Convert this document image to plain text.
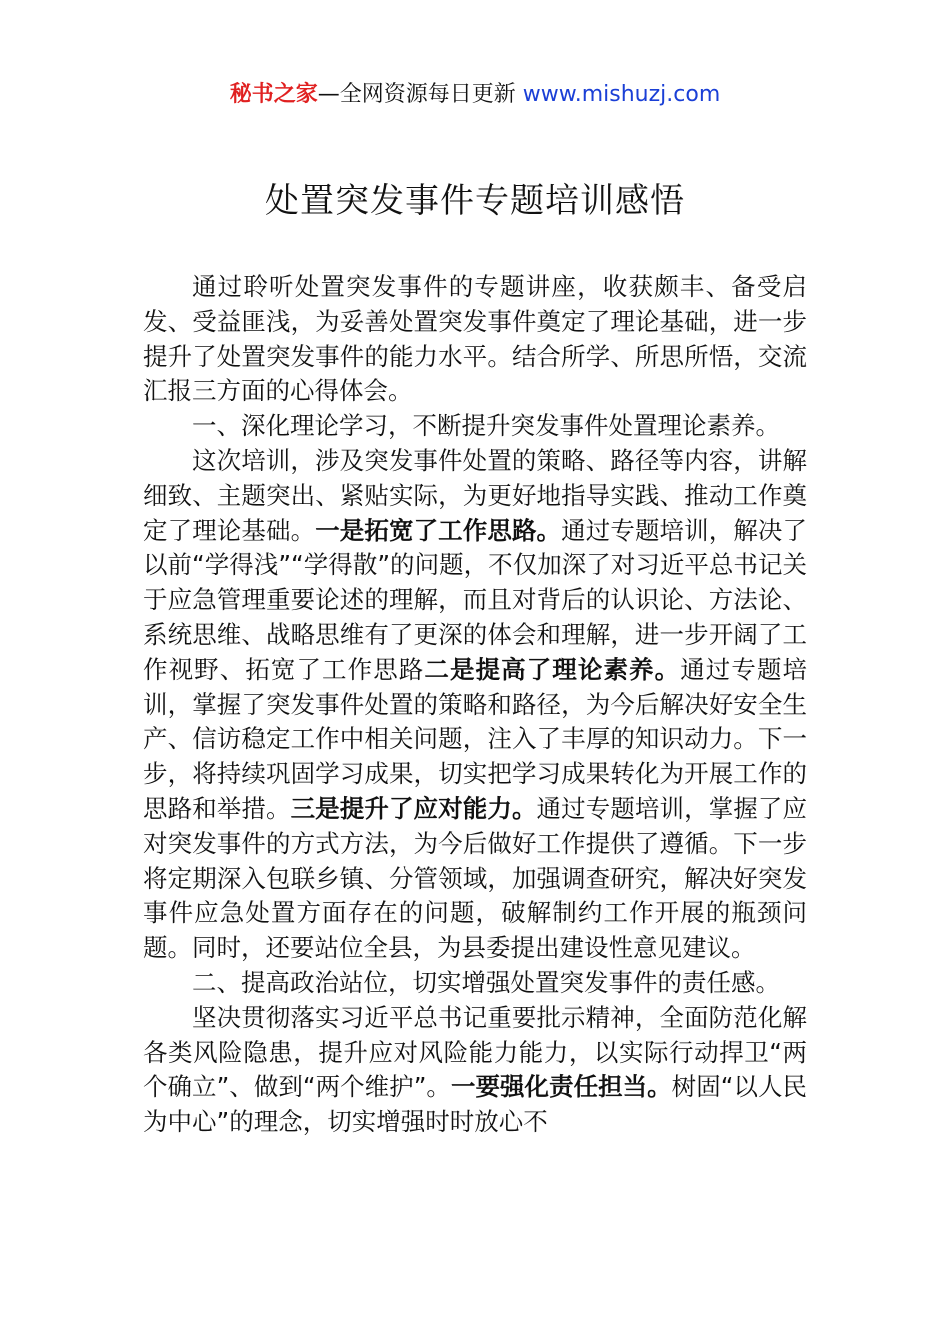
秘书之家—全网资源每日更新 www.mishuzj.com
处置突发事件专题培训感悟

通过聆听处置突发事件的专题讲座，收获颇丰、备受启发、受益匪浅，为妥善处置突发事件奠定了理论基础，进一步提升了处置突发事件的能力水平。结合所学、所思所悟，交流汇报三方面的心得体会。

一、深化理论学习，不断提升突发事件处置理论素养。

这次培训，涉及突发事件处置的策略、路径等内容，讲解细致、主题突出、紧贴实际，为更好地指导实践、推动工作奠定了理论基础。一是拓宽了工作思路。通过专题培训，解决了以前“学得浅”“学得散”的问题，不仅加深了对习近平总书记关于应急管理重要论述的理解，而且对背后的认识论、方法论、系统思维、战略思维有了更深的体会和理解，进一步开阔了工作视野、拓宽了工作思路二是提高了理论素养。通过专题培训，掌握了突发事件处置的策略和路径，为今后解决好安全生产、信访稳定工作中相关问题，注入了丰厚的知识动力。下一步，将持续巩固学习成果，切实把学习成果转化为开展工作的思路和举措。三是提升了应对能力。通过专题培训，掌握了应对突发事件的方式方法，为今后做好工作提供了遵循。下一步将定期深入包联乡镇、分管领域，加强调查研究，解决好突发事件应急处置方面存在的问题，破解制约工作开展的瓶颈问题。同时，还要站位全县，为县委提出建设性意见建议。

二、提高政治站位，切实增强处置突发事件的责任感。

坚决贯彻落实习近平总书记重要批示精神，全面防范化解各类风险隐患，提升应对风险能力能力，以实际行动捍卫“两个确立”、做到“两个维护”。一要强化责任担当。树固“以人民为中心”的理念，切实增强时时放心不
